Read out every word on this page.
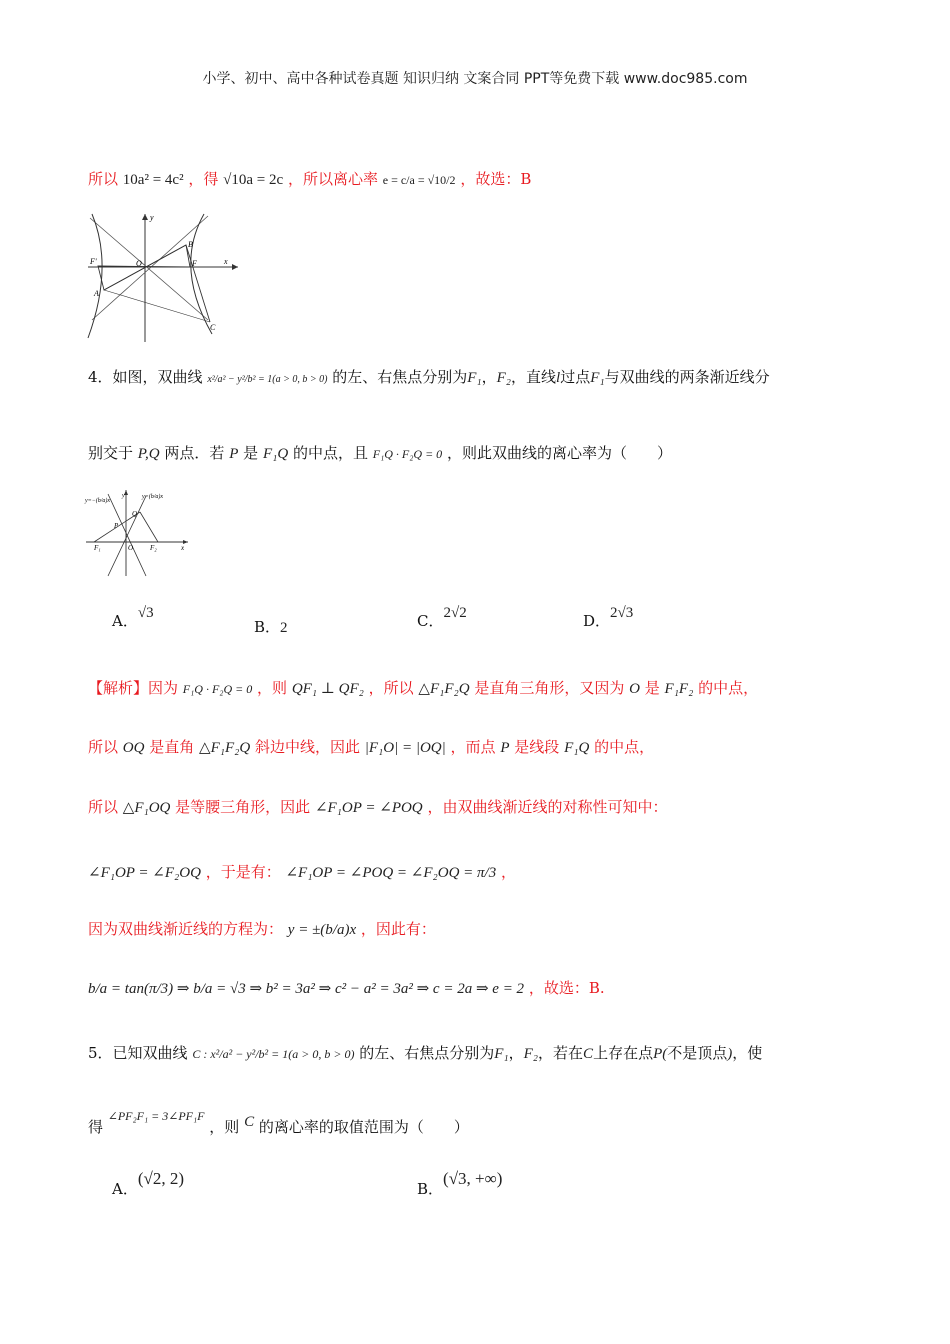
小学、初中、高中各种试卷真题 知识归纳 文案合同 PPT等免费下载 www.doc985.com
所以 10a² = 4c² ，得 √10a = 2c ，所以离心率 e = c/a = √10/2 ，故选：B
y
B
F'	O	F	x
A
C
4．如图，双曲线 x²/a² − y²/b² = 1(a > 0, b > 0) 的左、右焦点分别为F₁，F₂，直线l过点F₁与双曲线的两条渐近线分
别交于 P,Q 两点．若 P 是 F₁Q 的中点，且 F₁Q · F₂Q = 0 ，则此双曲线的离心率为（　　）
y=−(b/a)x
y	y=(b/a)x
Q
P
F₁	O F₂	x
A．√3
B．2	C．2√2	D．2√3
【解析】因为 F₁Q · F₂Q = 0 ，则 QF₁ ⊥ QF₂ ，所以 △F₁F₂Q 是直角三角形，又因为 O 是 F₁F₂ 的中点，
所以 OQ 是直角 △F₁F₂Q 斜边中线，因此 |F₁O| = |OQ| ，而点 P 是线段 F₁Q 的中点，
所以 △F₁OQ 是等腰三角形，因此 ∠F₁OP = ∠POQ ，由双曲线渐近线的对称性可知中：
∠F₁OP = ∠F₂OQ ，于是有： ∠F₁OP = ∠POQ = ∠F₂OQ = π/3 ，
因为双曲线渐近线的方程为： y = ±(b/a)x ，因此有：
b/a = tan(π/3) ⇒ b/a = √3 ⇒ b² = 3a² ⇒ c² − a² = 3a² ⇒ c = 2a ⇒ e = 2 ，故选：B.
5．已知双曲线 C : x²/a² − y²/b² = 1(a > 0, b > 0) 的左、右焦点分别为F₁，F₂，若在C上存在点P(不是顶点)，使
得 $^{\angle PF_2F_1 = 3\angle PF_1F}$ ，则 C 的离心率的取值范围为（　　）
A．(√2, 2)
B．(√3, +∞)
